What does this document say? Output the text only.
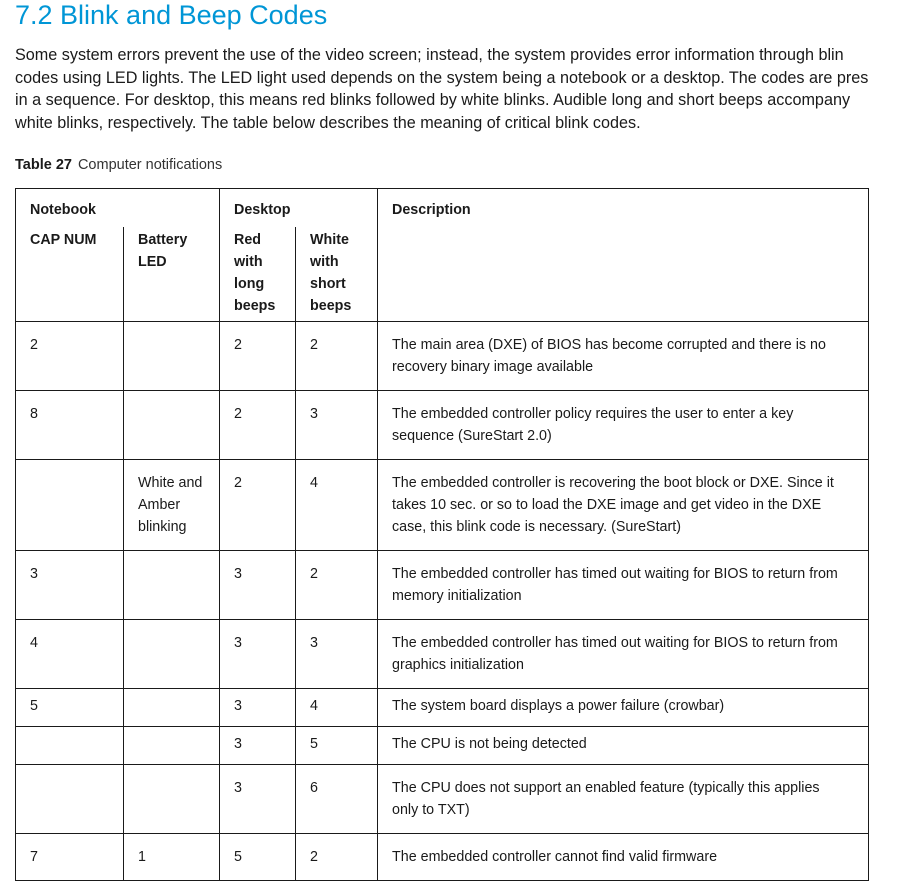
7.2 Blink and Beep Codes
Some system errors prevent the use of the video screen; instead, the system provides error information through blin
codes using LED lights. The LED light used depends on the system being a notebook or a desktop. The codes are pres
in a sequence. For desktop, this means red blinks followed by white blinks. Audible long and short beeps accompany
white blinks, respectively. The table below describes the meaning of critical blink codes.
Table 27 Computer notifications
Notebook		Desktop		Description
CAP NUM	Battery LED	Red with long beeps	White with short beeps	
2		2	2	The main area (DXE) of BIOS has become corrupted and there is no recovery binary image available
8		2	3	The embedded controller policy requires the user to enter a key sequence (SureStart 2.0)
	White and Amber blinking	2	4	The embedded controller is recovering the boot block or DXE. Since it takes 10 sec. or so to load the DXE image and get video in the DXE case, this blink code is necessary. (SureStart)
3		3	2	The embedded controller has timed out waiting for BIOS to return from memory initialization
4		3	3	The embedded controller has timed out waiting for BIOS to return from graphics initialization
5		3	4	The system board displays a power failure (crowbar)
		3	5	The CPU is not being detected
		3	6	The CPU does not support an enabled feature (typically this applies only to TXT)
7	1	5	2	The embedded controller cannot find valid firmware
